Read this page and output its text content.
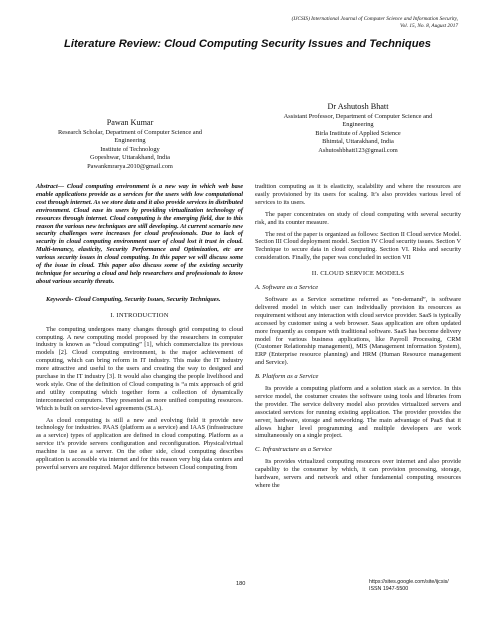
(IJCSIS) International Journal of Computer Science and Information Security,
Vol. 15, No. 8, August 2017
Literature Review: Cloud Computing Security Issues and Techniques
Pawan Kumar
Research Scholar, Department of Computer Science and
Engineering
Institute of Technology
Gopeshwar, Uttarakhand, India
Pawankmrarya.2010@gmail.com
Dr Ashutosh Bhatt
Assistant Professor, Department of Computer Science and
Engineering
Birla Institute of Applied Science
Bhimtal, Uttarakhand, India
Ashutoshbhatt123@gmail.com

Abstract— Cloud computing environment is a new way in which web base enable applications provide as a services for the users with low computational cost through internet. As we store data and it also provide services in distributed environment. Cloud ease its users by providing virtualization technology of resources through internet. Cloud computing is the emerging field, due to this reason the various new techniques are still developing. At current scenario new security challenges were increases for cloud professionals. Due to lack of security in cloud computing environment user of cloud lost it trust in cloud. Multi-tenancy, elasticity, Security Performance and Optimization, etc are various security issues in cloud computing. In this paper we will discuss some of the issue in cloud. This paper also discuss some of the existing security technique for securing a cloud and help researchers and professionals to know about various security threats.

Keywords- Cloud Computing, Security Issues, Security Techniques.

I. INTRODUCTION

The computing undergoes many changes through grid computing to cloud computing. A new computing model proposed by the researchers in computer industry is known as “cloud computing” [1], which commercialize its previous models [2]. Cloud computing environment, is the major achievement of computing, which can bring reform in IT industry. This make the IT industry more attractive and useful to the users and creating the way to designed and purchase in the IT industry [3]. It would also changing the people livelihood and work style. One of the definition of Cloud computing is “a mix approach of grid and utility computing which together form a collection of dynamically interconnected computers. They presented as more unified computing resources. Which is built on service-level agreements (SLA).

As cloud computing is still a new and evolving field it provide new technology for industries. PAAS (platform as a service) and IAAS (infrastructure as a service) types of application are defined in cloud computing. Platform as a service it’s provide servers configuration and reconfiguration. Physical/virtual machine is use as a server. On the other side, cloud computing describes application is accessible via internet and for this reason very big data centers and powerful servers are required. Major difference between Cloud computing from

tradition computing as it is elasticity, scalability and where the resources are easily provisioned by its users for scaling. It’s also provides various level of services to its users.

The paper concentrates on study of cloud computing with several security risk, and its counter measure.

The rest of the paper is organized as follows: Section II Cloud service Model. Section III Cloud deployment model. Section IV Cloud security issues. Section V Technique to secure data in cloud computing. Section VI. Risks and security consideration. Finally, the paper was concluded in section VII

II. CLOUD SERVICE MODELS
A. Software as a Service

Software as a Service sometime referred as “on-demand”, is software delivered model in which user can individually provision its resources as requirement without any interaction with cloud service provider. SaaS is typically accessed by customer using a web browser. Saas application are often updated more frequently as compare with traditional software. SaaS has become delivery model for various business applications, like Payroll Processing, CRM (Customer Relationship management), MIS (Management information System), ERP (Enterprise resource planning) and HRM (Human Resource management and Service).

B. Platform as a Service

Its provide a computing platform and a solution stack as a service. In this service model, the costumer creates the software using tools and libraries from the provider. The service delivery model also provides virtualized servers and associated services for running existing application. The provider provides the server, hardware, storage and networking. The main advantage of PaaS that it allows higher level programming and multiple developers are work simultaneously on a single project.

C. Infrastructure as a Service

Its provides virtualized computing resources over internet and also provide capability to the consumer by which, it can provision processing, storage, hardware, servers and network and other fundamental computing resources where the

180	https://sites.google.com/site/ijcsis/
ISSN 1947-5500
